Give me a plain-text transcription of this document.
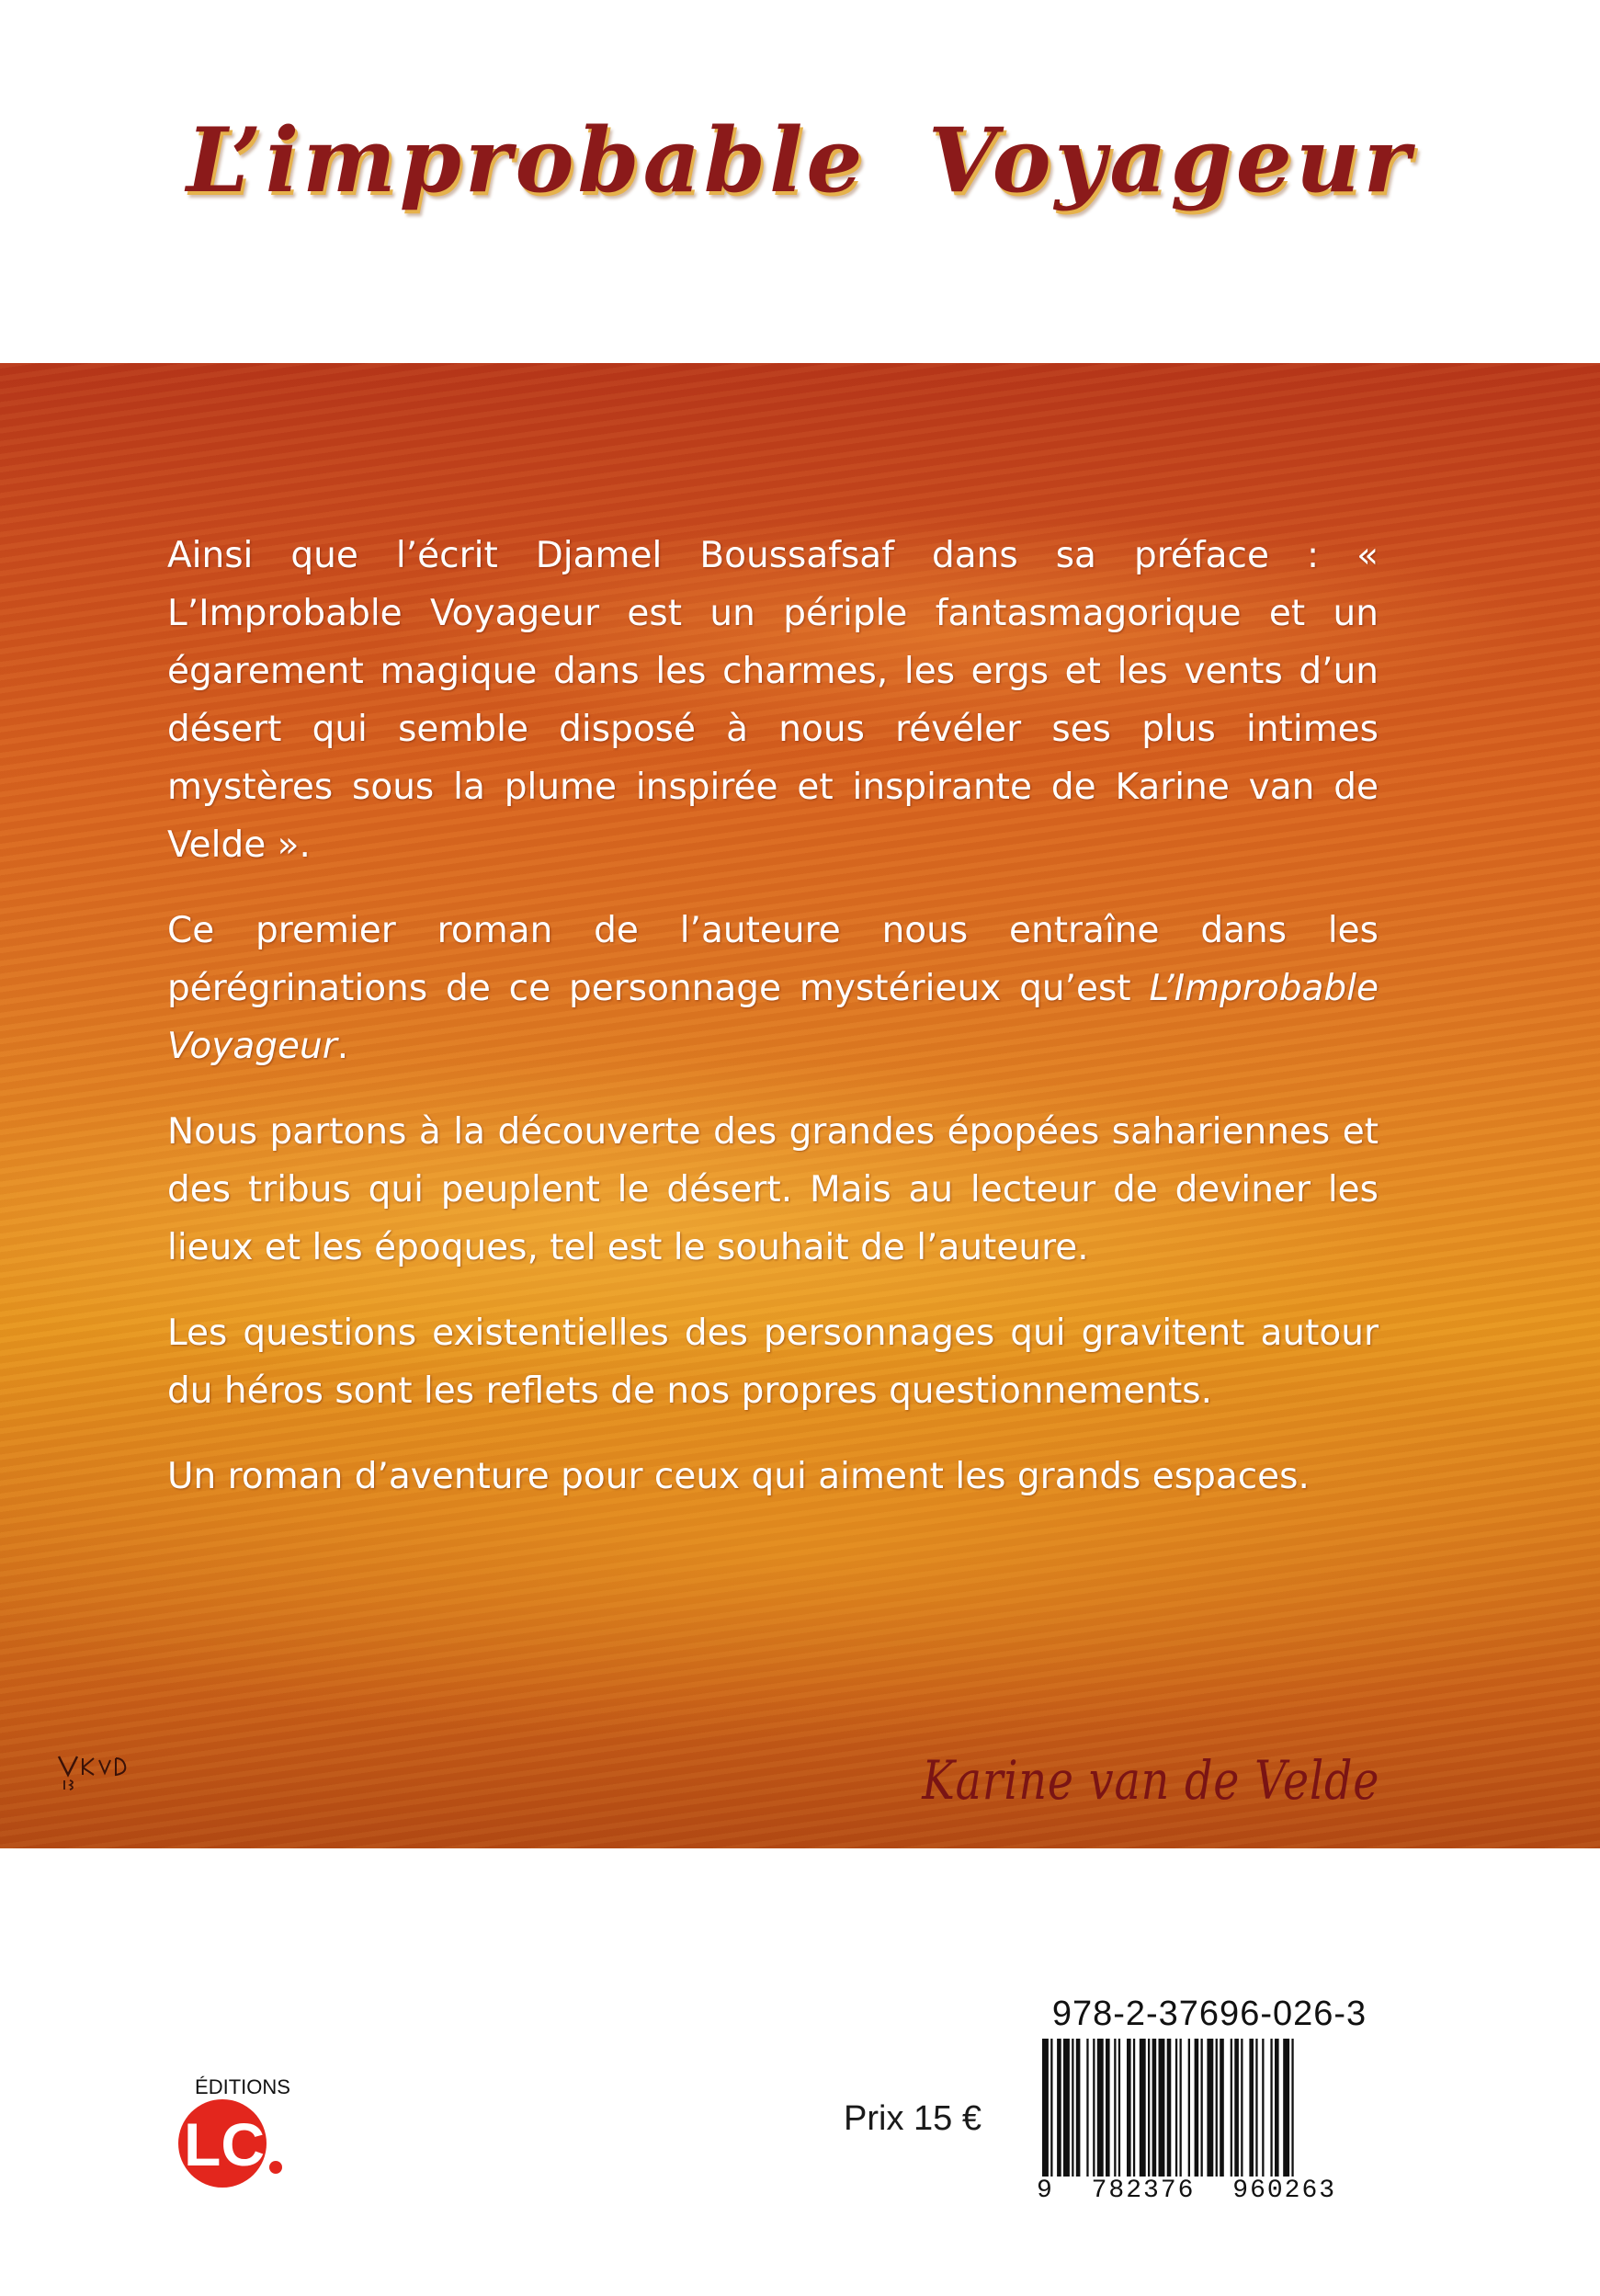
L’improbable Voyageur

Ainsi que l’écrit Djamel Boussafsaf dans sa préface : « L’Improbable Voyageur est un périple fantasmagorique et un égarement magique dans les charmes, les ergs et les vents d’un désert qui semble disposé à nous révéler ses plus intimes mystères sous la plume inspirée et inspirante de Karine van de Velde ».

Ce premier roman de l’auteure nous entraîne dans les pérégrinations de ce personnage mystérieux qu’est L’Improbable Voyageur.

Nous partons à la découverte des grandes épopées sahariennes et des tribus qui peuplent le désert. Mais au lecteur de deviner les lieux et les époques, tel est le souhait de l’auteure.

Les questions existentielles des personnages qui gravitent autour du héros sont les reflets de nos propres questionnements.

Un roman d’aventure pour ceux qui aiment les grands espaces.

Karine van de Velde
ÉDITIONS
LC	Prix 15 €
978-2-37696-026-3
9 782376 960263
